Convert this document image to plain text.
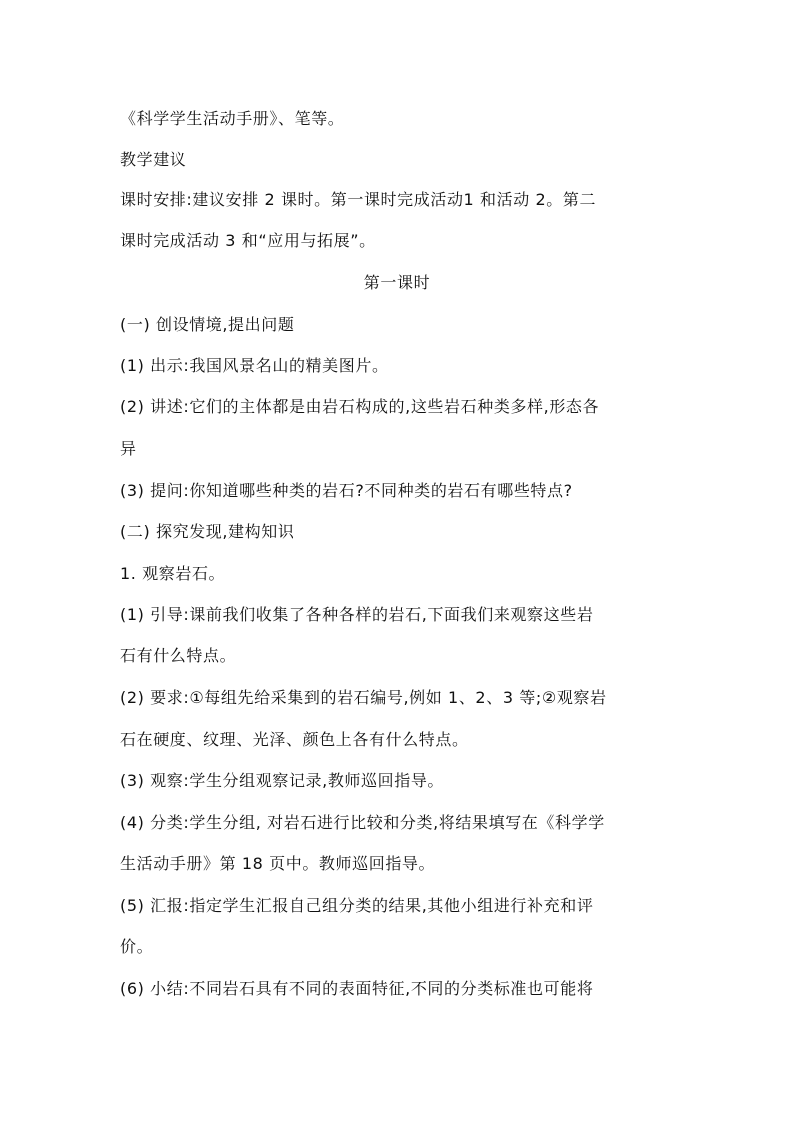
《科学学生活动手册》、笔等。
教学建议
课时安排:建议安排 2 课时。第一课时完成活动1 和活动 2。第二
课时完成活动 3 和“应用与拓展”。
第一课时
(一) 创设情境,提出问题
(1) 出示:我国风景名山的精美图片。
(2) 讲述:它们的主体都是由岩石构成的,这些岩石种类多样,形态各
异
(3) 提问:你知道哪些种类的岩石?不同种类的岩石有哪些特点?
(二) 探究发现,建构知识
1. 观察岩石。
(1) 引导:课前我们收集了各种各样的岩石,下面我们来观察这些岩
石有什么特点。
(2) 要求:①每组先给采集到的岩石编号,例如 1、2、3 等;②观察岩
石在硬度、纹理、光泽、颜色上各有什么特点。
(3) 观察:学生分组观察记录,教师巡回指导。
(4) 分类:学生分组, 对岩石进行比较和分类,将结果填写在《科学学
生活动手册》第 18 页中。教师巡回指导。
(5) 汇报:指定学生汇报自己组分类的结果,其他小组进行补充和评
价。
(6) 小结:不同岩石具有不同的表面特征,不同的分类标准也可能将
